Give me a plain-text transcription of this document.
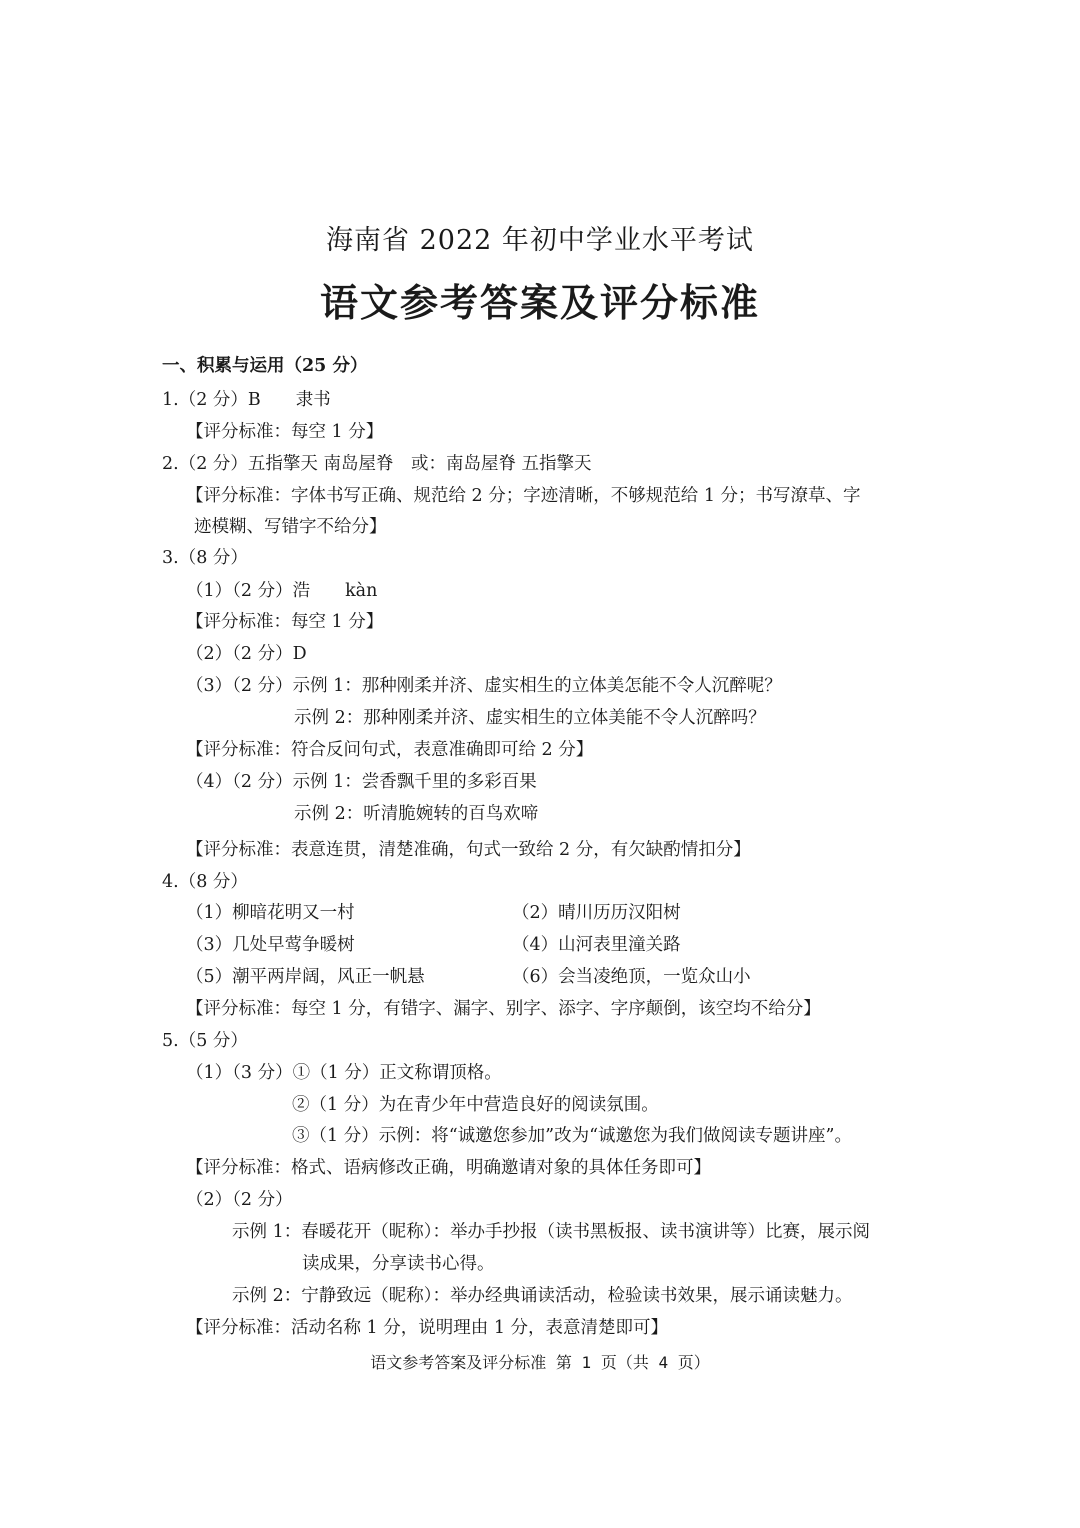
海南省 2022 年初中学业水平考试
语文参考答案及评分标准
一、积累与运用（25 分）
1.（2 分）B　　隶书
【评分标准：每空 1 分】
2.（2 分）五指擎天 南岛屋脊　或：南岛屋脊 五指擎天
【评分标准：字体书写正确、规范给 2 分；字迹清晰，不够规范给 1 分；书写潦草、字
迹模糊、写错字不给分】
3.（8 分）
（1）（2 分）浩　　kàn
【评分标准：每空 1 分】
（2）（2 分）D
（3）（2 分）示例 1：那种刚柔并济、虚实相生的立体美怎能不令人沉醉呢？
示例 2：那种刚柔并济、虚实相生的立体美能不令人沉醉吗？
【评分标准：符合反问句式，表意准确即可给 2 分】
（4）（2 分）示例 1：尝香飘千里的多彩百果
示例 2：听清脆婉转的百鸟欢啼
【评分标准：表意连贯，清楚准确，句式一致给 2 分，有欠缺酌情扣分】
4.（8 分）
（1）柳暗花明又一村	（2）晴川历历汉阳树
（3）几处早莺争暖树	（4）山河表里潼关路
（5）潮平两岸阔，风正一帆悬	（6）会当凌绝顶，一览众山小
【评分标准：每空 1 分，有错字、漏字、别字、添字、字序颠倒，该空均不给分】
5.（5 分）
（1）（3 分）①（1 分）正文称谓顶格。
②（1 分）为在青少年中营造良好的阅读氛围。
③（1 分）示例：将“诚邀您参加”改为“诚邀您为我们做阅读专题讲座”。
【评分标准：格式、语病修改正确，明确邀请对象的具体任务即可】
（2）（2 分）
示例 1：春暖花开（昵称）：举办手抄报（读书黑板报、读书演讲等）比赛，展示阅
读成果，分享读书心得。
示例 2：宁静致远（昵称）：举办经典诵读活动，检验读书效果，展示诵读魅力。
【评分标准：活动名称 1 分，说明理由 1 分，表意清楚即可】
语文参考答案及评分标准 第 1 页（共 4 页）
